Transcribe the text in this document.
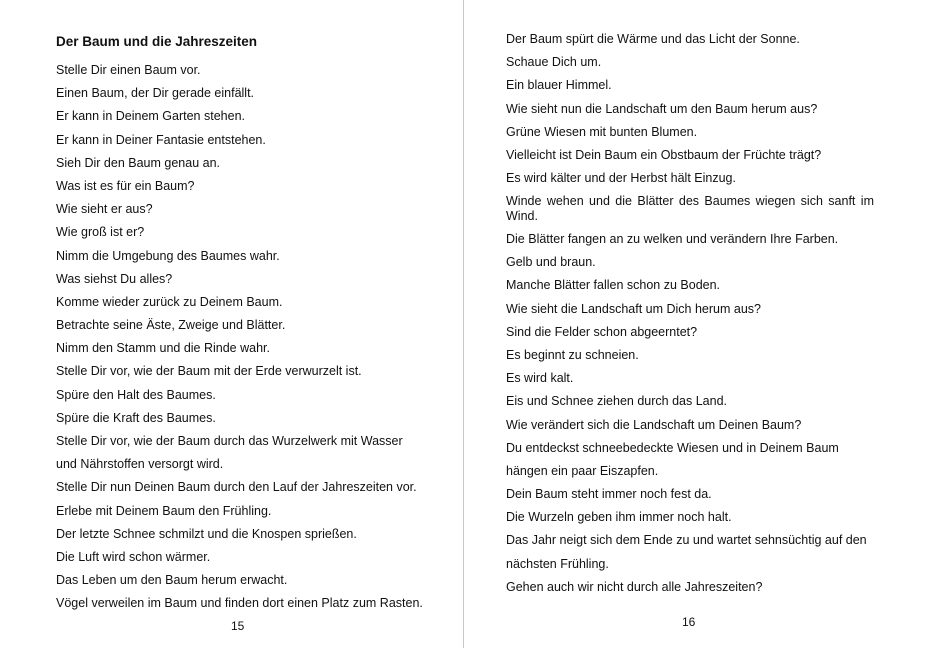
Der Baum und die Jahreszeiten
Stelle Dir einen Baum vor.
Einen Baum, der Dir gerade einfällt.
Er kann in Deinem Garten stehen.
Er kann in Deiner Fantasie entstehen.
Sieh Dir den Baum genau an.
Was ist es für ein Baum?
Wie sieht er aus?
Wie groß ist er?
Nimm die Umgebung des Baumes wahr.
Was siehst Du alles?
Komme wieder zurück zu Deinem Baum.
Betrachte seine Äste, Zweige und Blätter.
Nimm den Stamm und die Rinde wahr.
Stelle Dir vor, wie der Baum mit der Erde verwurzelt ist.
Spüre den Halt des Baumes.
Spüre die Kraft des Baumes.
Stelle Dir vor, wie der Baum durch das Wurzelwerk mit Wasser
und Nährstoffen versorgt wird.
Stelle Dir nun Deinen Baum durch den Lauf der Jahreszeiten vor.
Erlebe mit Deinem Baum den Frühling.
Der letzte Schnee schmilzt und die Knospen sprießen.
Die Luft wird schon wärmer.
Das Leben um den Baum herum erwacht.
Vögel verweilen im Baum und finden dort einen Platz zum Rasten.
15
Der Baum spürt die Wärme und das Licht der Sonne.
Schaue Dich um.
Ein blauer Himmel.
Wie sieht nun die Landschaft um den Baum herum aus?
Grüne Wiesen mit bunten Blumen.
Vielleicht ist Dein Baum ein Obstbaum der Früchte trägt?
Es wird kälter und der Herbst hält Einzug.
Winde wehen und die Blätter des Baumes wiegen sich sanft im Wind.
Die Blätter fangen an zu welken und verändern Ihre Farben.
Gelb und braun.
Manche Blätter fallen schon zu Boden.
Wie sieht die Landschaft um Dich herum aus?
Sind die Felder schon abgeerntet?
Es beginnt zu schneien.
Es wird kalt.
Eis und Schnee ziehen durch das Land.
Wie verändert sich die Landschaft um Deinen Baum?
Du entdeckst schneebedeckte Wiesen und in Deinem Baum
hängen ein paar Eiszapfen.
Dein Baum steht immer noch fest da.
Die Wurzeln geben ihm immer noch halt.
Das Jahr neigt sich dem Ende zu und wartet sehnsüchtig auf den
nächsten Frühling.
Gehen auch wir nicht durch alle Jahreszeiten?
16
